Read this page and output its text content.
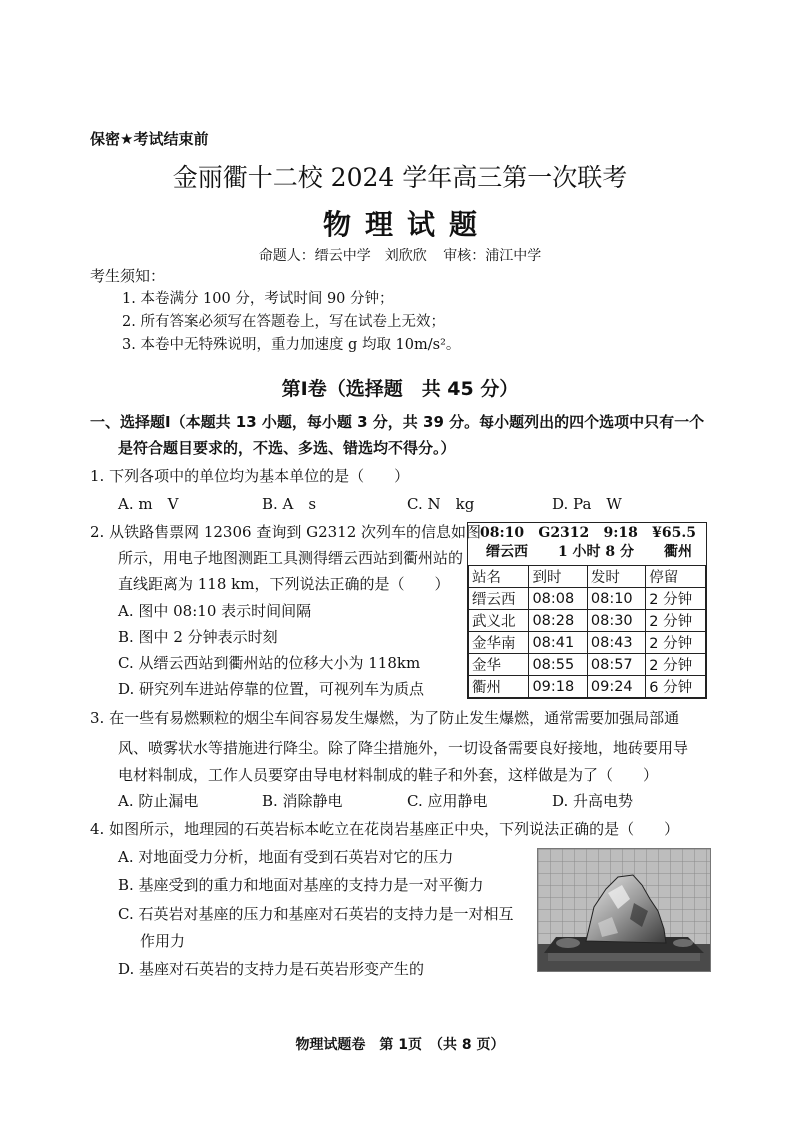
保密★考试结束前
金丽衢十二校 2024 学年高三第一次联考
物理试题
命题人：缙云中学　刘欣欣 审核：浦江中学
考生须知：
1. 本卷满分 100 分，考试时间 90 分钟；
2. 所有答案必须写在答题卷上，写在试卷上无效；
3. 本卷中无特殊说明，重力加速度 g 均取 10m/s²。
第Ⅰ卷（选择题　共 45 分）
一、选择题Ⅰ（本题共 13 小题，每小题 3 分，共 39 分。每小题列出的四个选项中只有一个
是符合题目要求的，不选、多选、错选均不得分。）
1. 下列各项中的单位均为基本单位的是（　　）
A. m　V	B. A　s	C. N　kg	D. Pa　W
2. 从铁路售票网 12306 查询到 G2312 次列车的信息如图
所示，用电子地图测距工具测得缙云西站到衢州站的
直线距离为 118 km，下列说法正确的是（　　）
A. 图中 08:10 表示时间间隔
B. 图中 2 分钟表示时刻
C. 从缙云西站到衢州站的位移大小为 118km
D. 研究列车进站停靠的位置，可视列车为质点
08:10 G2312 9:18 ¥65.5
缙云西 1 小时 8 分 衢州
站名	到时	发时	停留
缙云西	08:08	08:10	2 分钟
武义北	08:28	08:30	2 分钟
金华南	08:41	08:43	2 分钟
金华	08:55	08:57	2 分钟
衢州	09:18	09:24	6 分钟
3. 在一些有易燃颗粒的烟尘车间容易发生爆燃，为了防止发生爆燃，通常需要加强局部通
风、喷雾状水等措施进行降尘。除了降尘措施外，一切设备需要良好接地，地砖要用导
电材料制成，工作人员要穿由导电材料制成的鞋子和外套，这样做是为了（　　）
A. 防止漏电	B. 消除静电	C. 应用静电	D. 升高电势
4. 如图所示，地理园的石英岩标本屹立在花岗岩基座正中央，下列说法正确的是（　　）
A. 对地面受力分析，地面有受到石英岩对它的压力
B. 基座受到的重力和地面对基座的支持力是一对平衡力
C. 石英岩对基座的压力和基座对石英岩的支持力是一对相互
作用力
D. 基座对石英岩的支持力是石英岩形变产生的
物理试题卷　第 1页　（共 8 页）
